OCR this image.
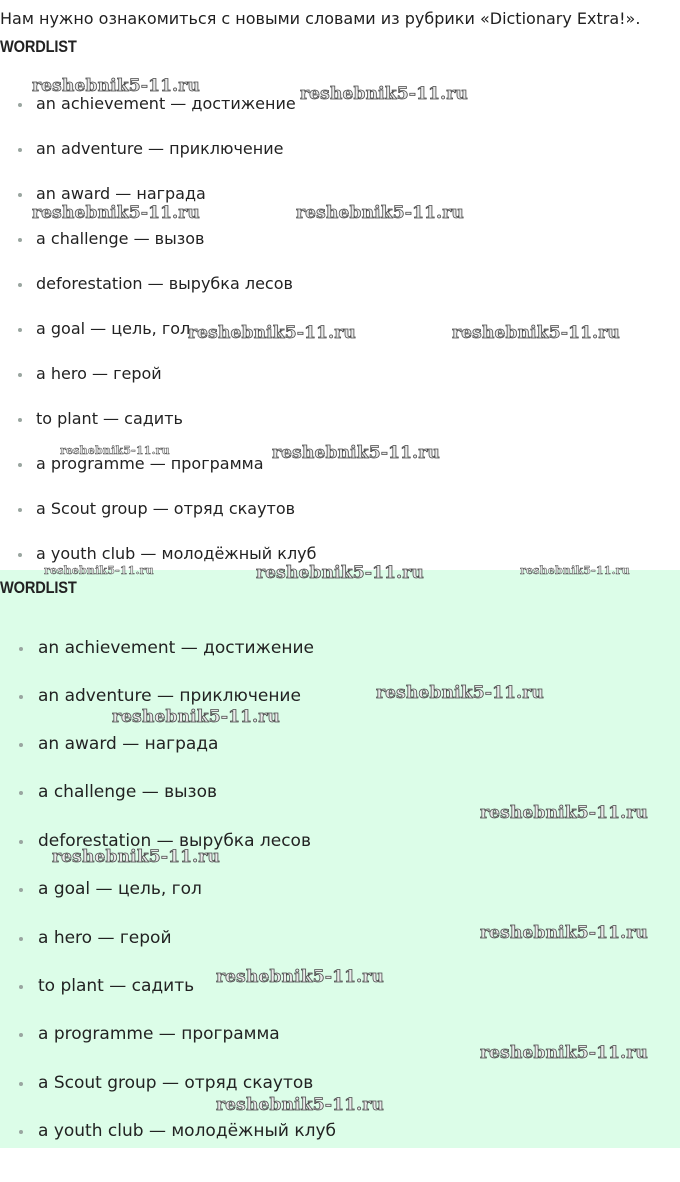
Нам нужно ознакомиться с новыми словами из рубрики «Dictionary Extra!».
WORDLIST
an achievement — достижение
an adventure — приключение
an award — награда
a challenge — вызов
deforestation — вырубка лесов
a goal — цель, гол
a hero — герой
to plant — садить
a programme — программа
a Scout group — отряд скаутов
a youth club — молодёжный клуб
WORDLIST
an achievement — достижение
an adventure — приключение
an award — награда
a challenge — вызов
deforestation — вырубка лесов
a goal — цель, гол
a hero — герой
to plant — садить
a programme — программа
a Scout group — отряд скаутов
a youth club — молодёжный клуб
reshebnik5-11.ru	reshebnik5-11.ru
reshebnik5-11.ru	reshebnik5-11.ru
reshebnik5-11.ru	reshebnik5-11.ru
reshebnik5-11.ru	reshebnik5-11.ru
reshebnik5-11.ru	reshebnik5-11.ru	reshebnik5-11.ru
reshebnik5-11.ru
reshebnik5-11.ru
reshebnik5-11.ru
reshebnik5-11.ru
reshebnik5-11.ru
reshebnik5-11.ru
reshebnik5-11.ru
reshebnik5-11.ru
